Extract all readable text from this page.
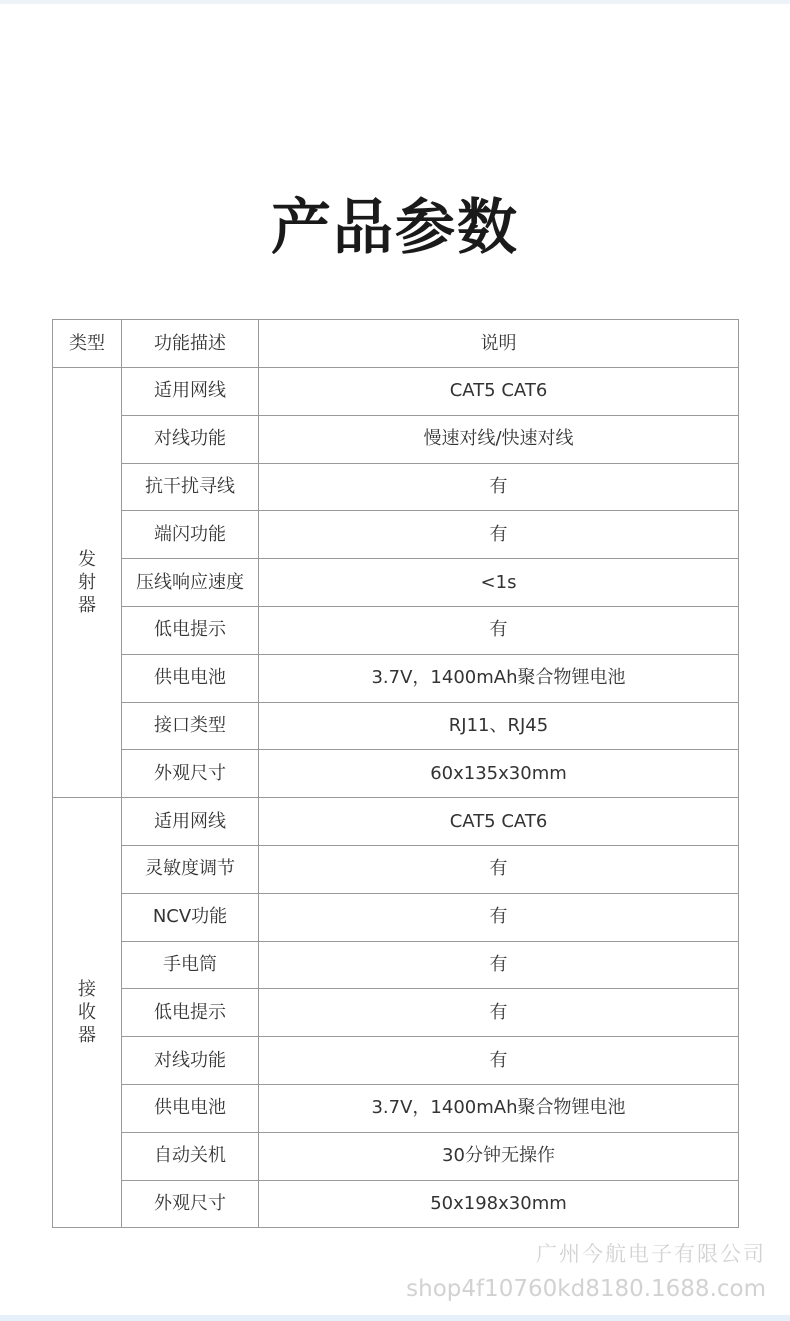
产品参数
类型	功能描述	说明

发
射
器	适用网线	CAT5 CAT6
	对线功能	慢速对线/快速对线
	抗干扰寻线	有
	端闪功能	有
	压线响应速度	<1s
	低电提示	有
	供电电池	3.7V，1400mAh聚合物锂电池
	接口类型	RJ11、RJ45
	外观尺寸	60x135x30mm

接
收
器	适用网线	CAT5 CAT6
	灵敏度调节	有
	NCV功能	有
	手电筒	有
	低电提示	有
	对线功能	有
	供电电池	3.7V，1400mAh聚合物锂电池
	自动关机	30分钟无操作
	外观尺寸	50x198x30mm
广州今航电子有限公司
shop4f10760kd8180.1688.com
